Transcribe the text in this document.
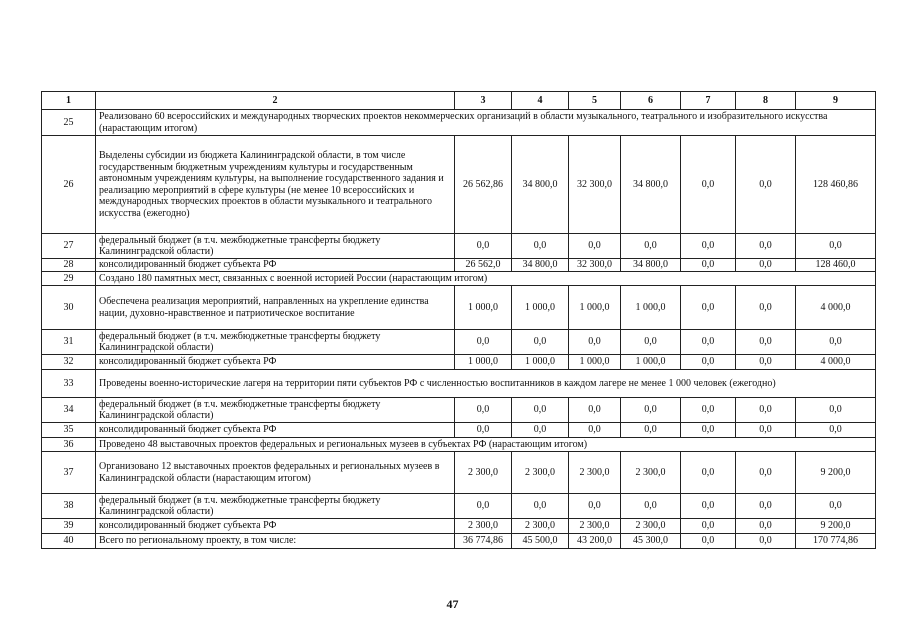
1	2	3	4	5	6	7	8	9
25	Реализовано 60 всероссийских и международных творческих проектов некоммерческих организаций в области музыкального, театрального и изобразительного искусства (нарастающим итогом)							
26	Выделены субсидии из бюджета Калининградской области, в том числе государственным бюджетным учреждениям культуры и государственным автономным учреждениям культуры, на выполнение государственного задания и реализацию мероприятий в сфере культуры (не менее 10 всероссийских и международных творческих проектов в области музыкального и театрального искусства (ежегодно)	26 562,86	34 800,0	32 300,0	34 800,0	0,0	0,0	128 460,86
27	федеральный бюджет (в т.ч. межбюджетные трансферты бюджету Калининградской области)	0,0	0,0	0,0	0,0	0,0	0,0	0,0
28	консолидированный бюджет субъекта РФ	26 562,0	34 800,0	32 300,0	34 800,0	0,0	0,0	128 460,0
29	Создано 180 памятных мест, связанных с военной историей России (нарастающим итогом)							
30	Обеспечена реализация мероприятий, направленных на укрепление единства нации, духовно-нравственное и патриотическое воспитание	1 000,0	1 000,0	1 000,0	1 000,0	0,0	0,0	4 000,0
31	федеральный бюджет (в т.ч. межбюджетные трансферты бюджету Калининградской области)	0,0	0,0	0,0	0,0	0,0	0,0	0,0
32	консолидированный бюджет субъекта РФ	1 000,0	1 000,0	1 000,0	1 000,0	0,0	0,0	4 000,0
33	Проведены военно-исторические лагеря на территории пяти субъектов РФ с численностью воспитанников в каждом лагере не менее 1 000 человек (ежегодно)							
34	федеральный бюджет (в т.ч. межбюджетные трансферты бюджету Калининградской области)	0,0	0,0	0,0	0,0	0,0	0,0	0,0
35	консолидированный бюджет субъекта РФ	0,0	0,0	0,0	0,0	0,0	0,0	0,0
36	Проведено 48 выставочных проектов федеральных и региональных музеев в субъектах РФ (нарастающим итогом)							
37	Организовано 12 выставочных проектов федеральных и региональных музеев в Калининградской области (нарастающим итогом)	2 300,0	2 300,0	2 300,0	2 300,0	0,0	0,0	9 200,0
38	федеральный бюджет (в т.ч. межбюджетные трансферты бюджету Калининградской области)	0,0	0,0	0,0	0,0	0,0	0,0	0,0
39	консолидированный бюджет субъекта РФ	2 300,0	2 300,0	2 300,0	2 300,0	0,0	0,0	9 200,0
40	Всего по региональному проекту, в том числе:	36 774,86	45 500,0	43 200,0	45 300,0	0,0	0,0	170 774,86
47
